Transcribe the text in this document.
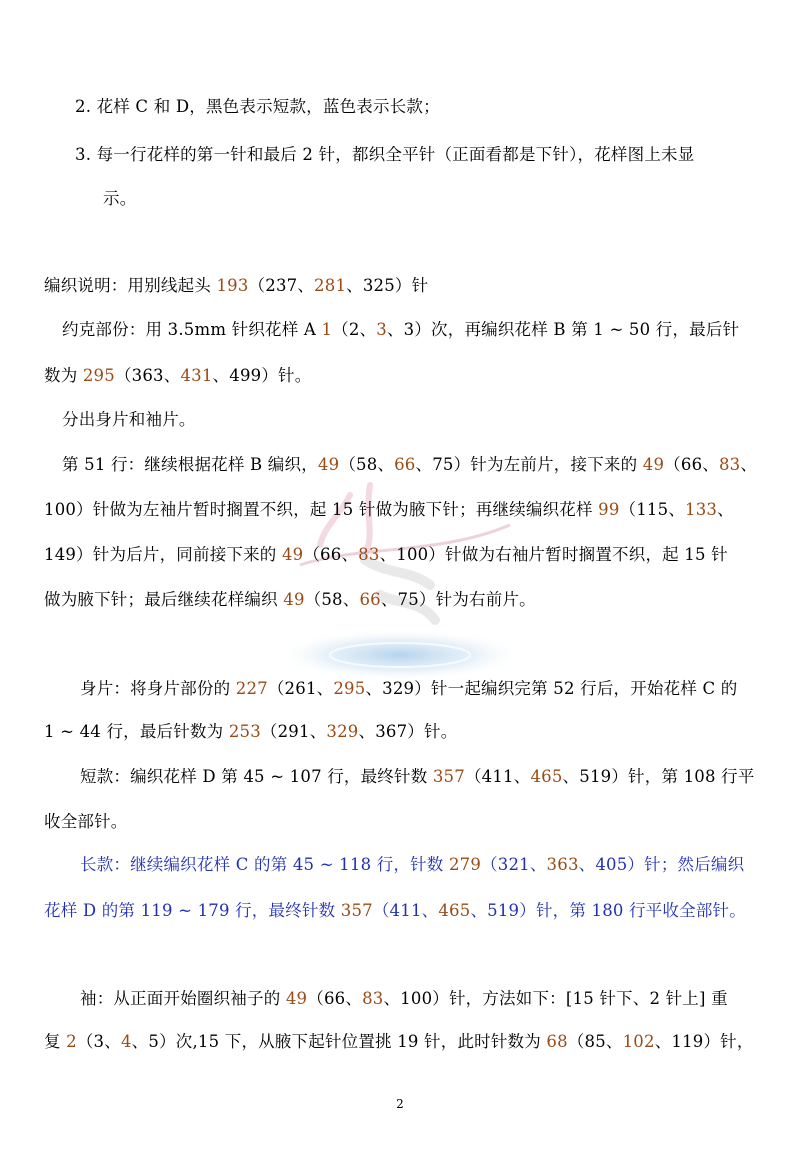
2. 花样 C 和 D，黑色表示短款，蓝色表示长款；
3. 每一行花样的第一针和最后 2 针，都织全平针（正面看都是下针），花样图上未显
示。
编织说明：用别线起头 193（237、281、325）针
约克部份：用 3.5mm 针织花样 A 1（2、3、3）次，再编织花样 B 第 1 ~ 50 行，最后针
数为 295（363、431、499）针。
分出身片和袖片。
第 51 行：继续根据花样 B 编织，49（58、66、75）针为左前片，接下来的 49（66、83、
100）针做为左袖片暂时搁置不织，起 15 针做为腋下针；再继续编织花样 99（115、133、
149）针为后片，同前接下来的 49（66、83、100）针做为右袖片暂时搁置不织，起 15 针
做为腋下针；最后继续花样编织 49（58、66、75）针为右前片。
身片：将身片部份的 227（261、295、329）针一起编织完第 52 行后，开始花样 C 的
1 ~ 44 行，最后针数为 253（291、329、367）针。
短款：编织花样 D 第 45 ~ 107 行，最终针数 357（411、465、519）针，第 108 行平
收全部针。
长款：继续编织花样 C 的第 45 ~ 118 行，针数 279（321、363、405）针；然后编织
花样 D 的第 119 ~ 179 行，最终针数 357（411、465、519）针，第 180 行平收全部针。
袖：从正面开始圈织袖子的 49（66、83、100）针，方法如下：[15 针下、2 针上] 重
复 2（3、4、5）次,15 下，从腋下起针位置挑 19 针，此时针数为 68（85、102、119）针，
2
